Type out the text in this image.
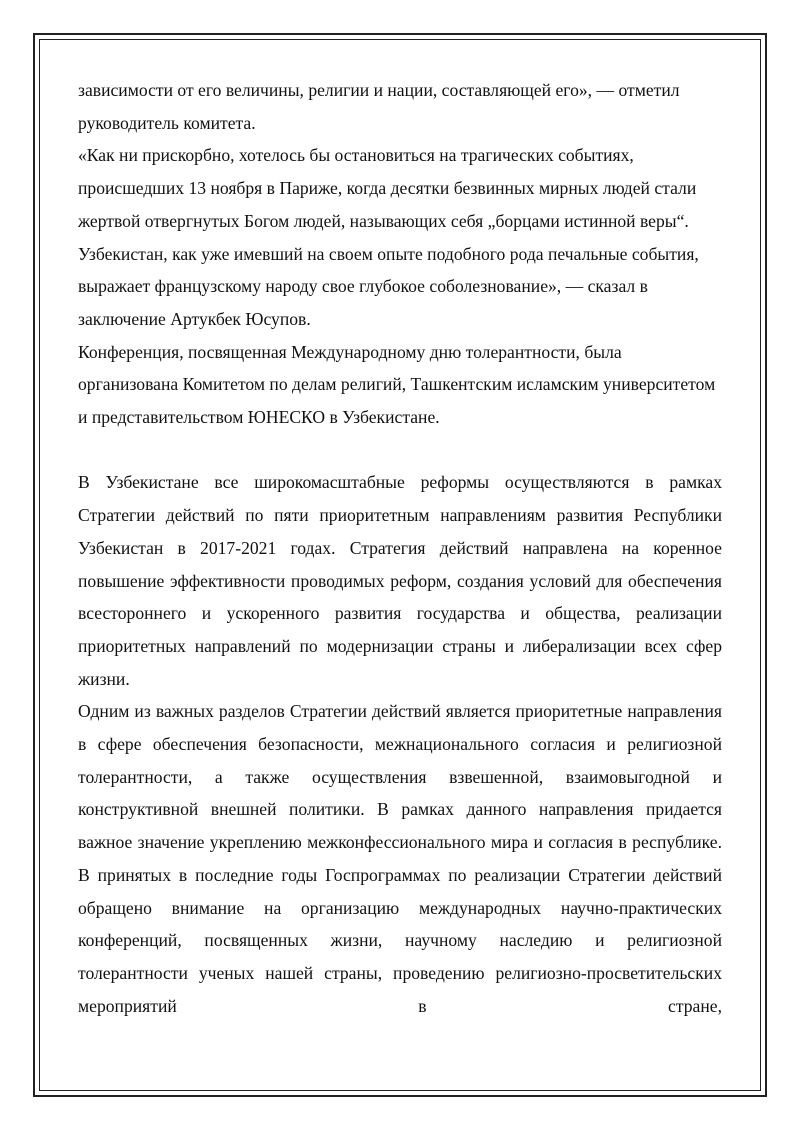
зависимости от его величины, религии и нации, составляющей его», — отметил руководитель комитета.

«Как ни прискорбно, хотелось бы остановиться на трагических событиях, происшедших 13 ноября в Париже, когда десятки безвинных мирных людей стали жертвой отвергнутых Богом людей, называющих себя „борцами истинной веры“. Узбекистан, как уже имевший на своем опыте подобного рода печальные события, выражает французскому народу свое глубокое соболезнование», — сказал в заключение Артукбек Юсупов.

Конференция, посвященная Международному дню толерантности, была организована Комитетом по делам религий, Ташкентским исламским университетом и представительством ЮНЕСКО в Узбекистане.

В Узбекистане все широкомасштабные реформы осуществляются в рамках Стратегии действий по пяти приоритетным направлениям развития Республики Узбекистан в 2017-2021 годах. Стратегия действий направлена на коренное повышение эффективности проводимых реформ, создания условий для обеспечения всестороннего и ускоренного развития государства и общества, реализации приоритетных направлений по модернизации страны и либерализации всех сфер жизни.

Одним из важных разделов Стратегии действий является приоритетные направления в сфере обеспечения безопасности, межнационального согласия и религиозной толерантности, а также осуществления взвешенной, взаимовыгодной и конструктивной внешней политики. В рамках данного направления придается важное значение укреплению межконфессионального мира и согласия в республике. В принятых в последние годы Госпрограммах по реализации Стратегии действий обращено внимание на организацию международных научно-практических конференций, посвященных жизни, научному наследию и религиозной толерантности ученых нашей страны, проведению религиозно-просветительских мероприятий в стране,
